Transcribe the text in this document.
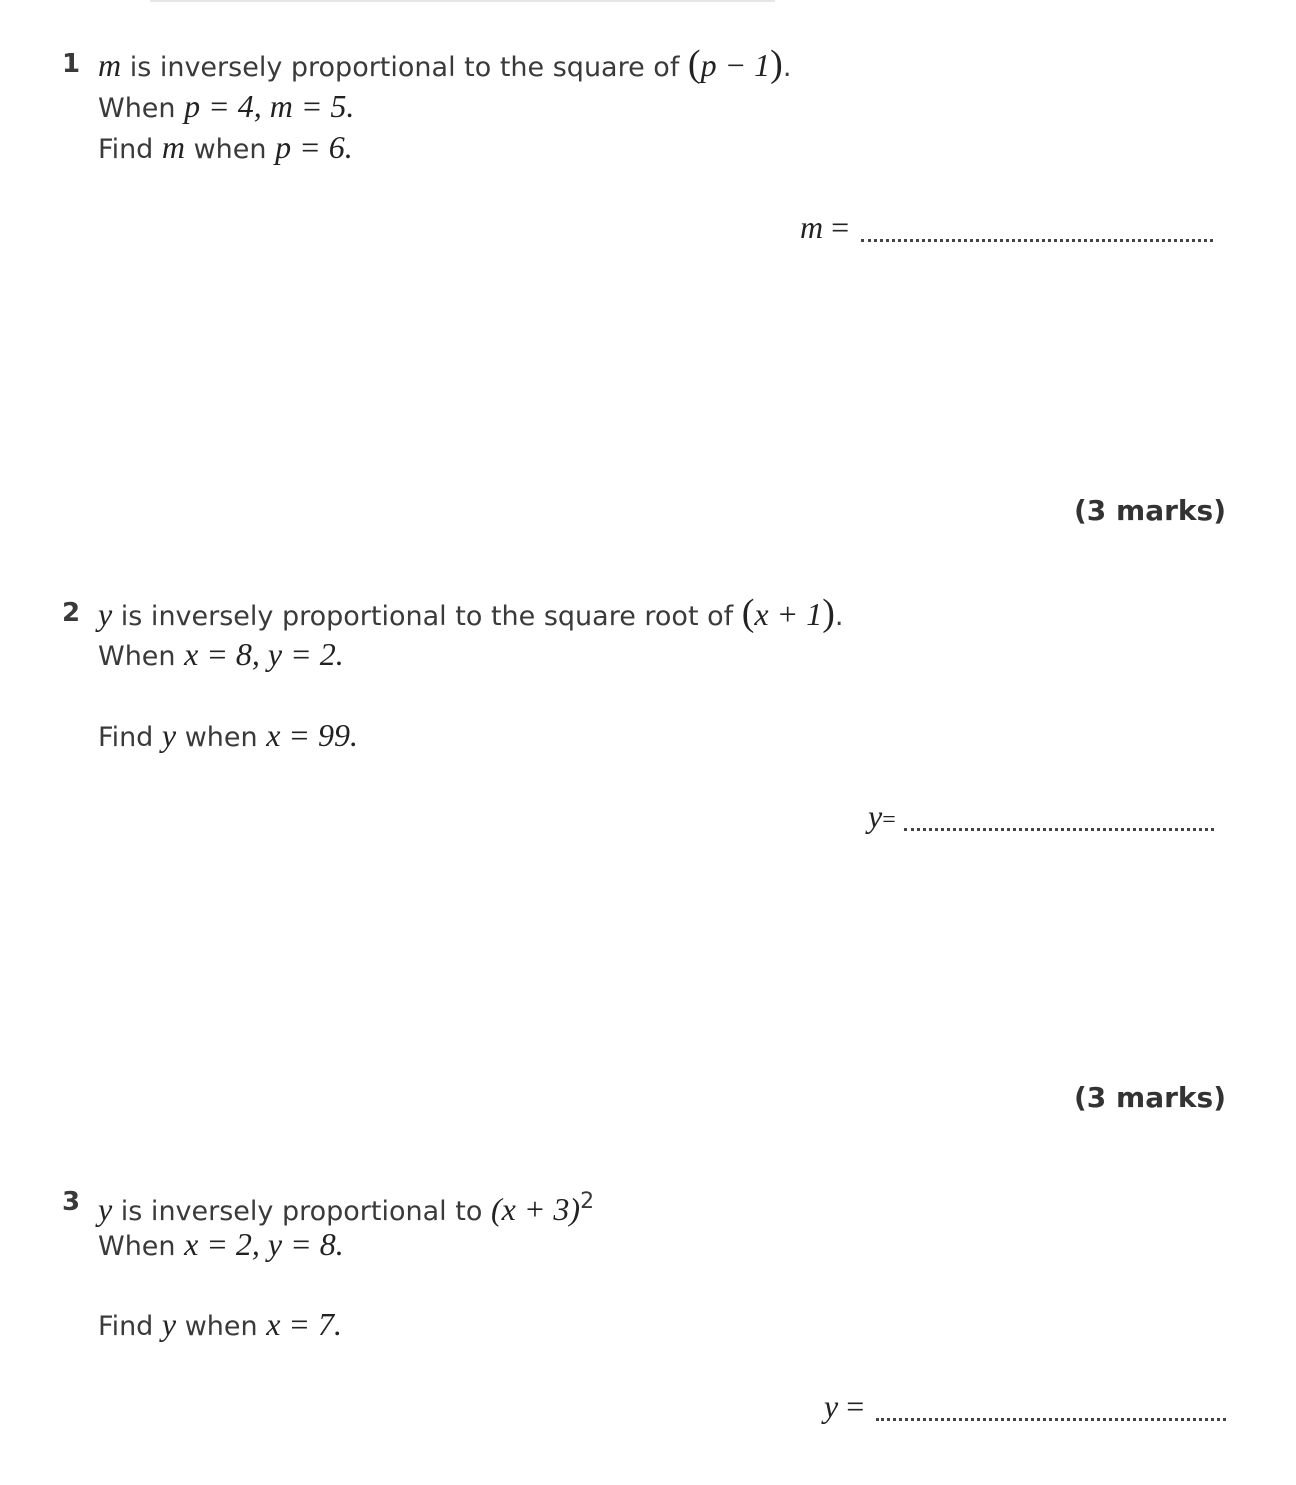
1 m is inversely proportional to the square of (p − 1).
When p = 4, m = 5.
Find m when p = 6.
m =
(3 marks)
2 y is inversely proportional to the square root of (x + 1).
When x = 8, y = 2.
Find y when x = 99.
y=
(3 marks)
3 y is inversely proportional to $(x + 3)^2$
When x = 2, y = 8.
Find y when x = 7.
y =
